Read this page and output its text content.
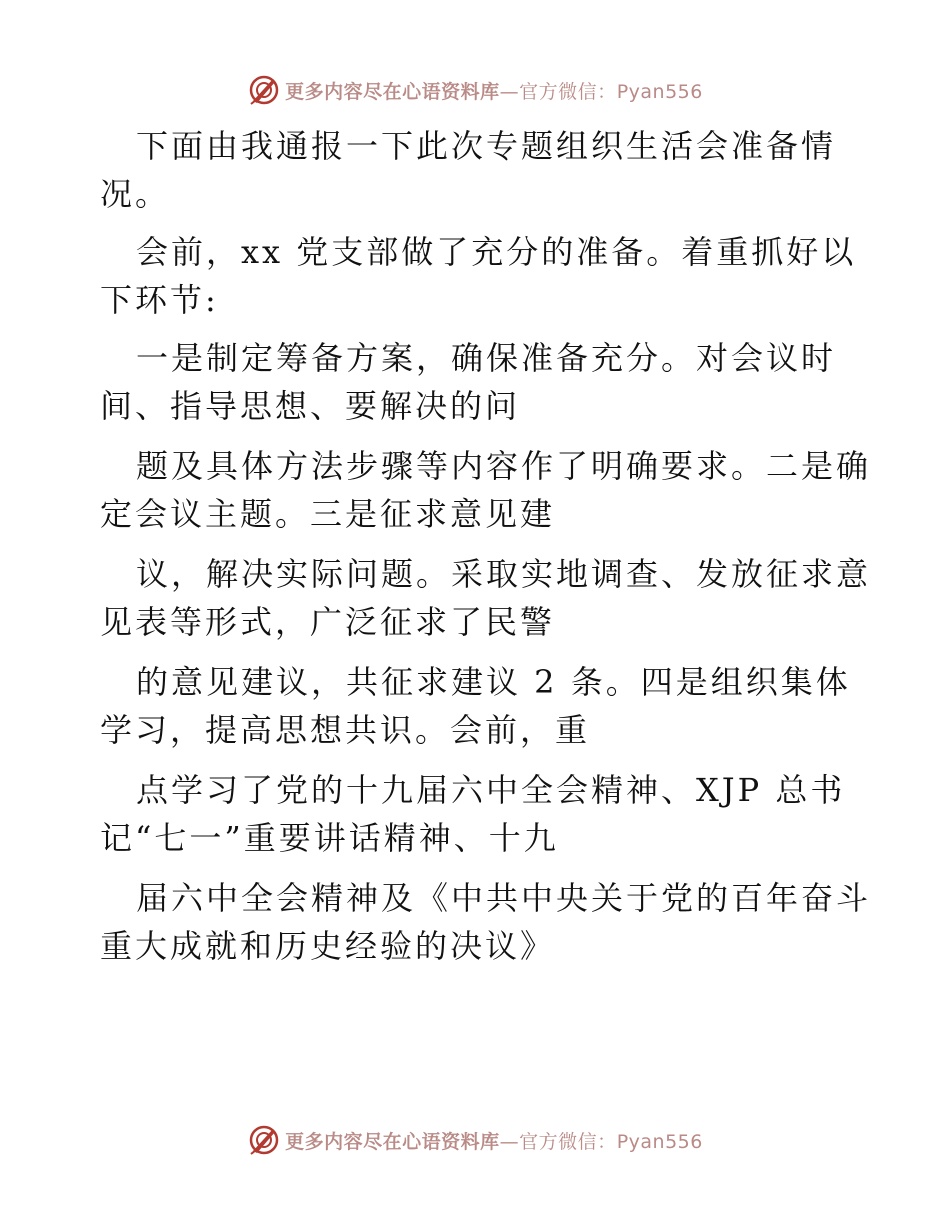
更多内容尽在心语资料库—官方微信：Pyan556
下面由我通报一下此次专题组织生活会准备情
况。
会前，xx 党支部做了充分的准备。着重抓好以
下环节:
一是制定筹备方案，确保准备充分。对会议时
间、指导思想、要解决的问
题及具体方法步骤等内容作了明确要求。二是确
定会议主题。三是征求意见建
议，解决实际问题。采取实地调查、发放征求意
见表等形式，广泛征求了民警
的意见建议，共征求建议 2 条。四是组织集体
学习，提高思想共识。会前，重
点学习了党的十九届六中全会精神、XJP 总书
记“七一”重要讲话精神、十九
届六中全会精神及《中共中央关于党的百年奋斗
重大成就和历史经验的决议》
更多内容尽在心语资料库—官方微信：Pyan556
